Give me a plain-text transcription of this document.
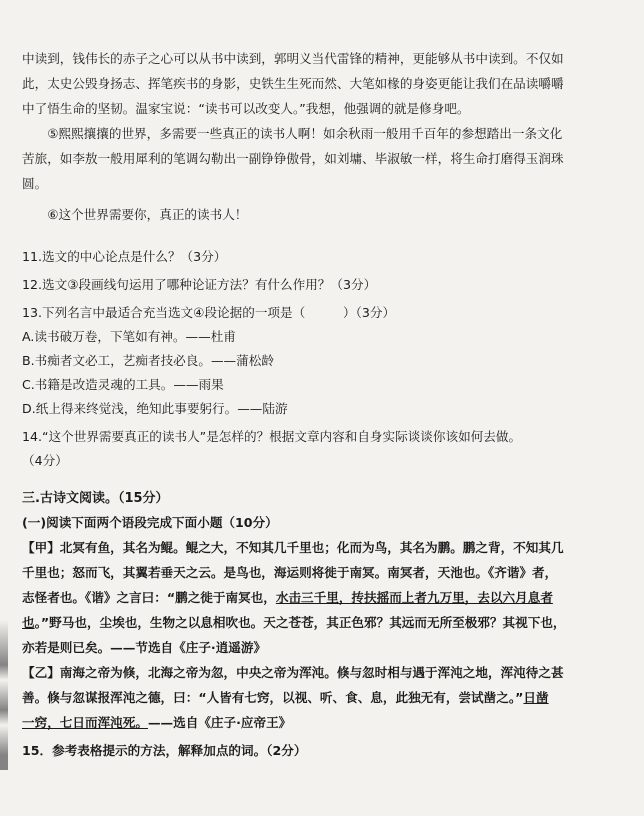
中读到，钱伟长的赤子之心可以从书中读到，郭明义当代雷锋的精神，更能够从书中读到。不仅如
此，太史公毁身扬志、挥笔疾书的身影，史铁生生死而然、大笔如椽的身姿更能让我们在品读嚼嚼
中了悟生命的坚韧。温家宝说：“读书可以改变人。”我想，他强调的就是修身吧。
⑤熙熙攘攘的世界，多需要一些真正的读书人啊！如余秋雨一般用千百年的参想踏出一条文化
苦旅，如李敖一般用犀利的笔调勾勒出一副铮铮傲骨，如刘墉、毕淑敏一样，将生命打磨得玉润珠
圆。
⑥这个世界需要你，真正的读书人！
11.选文的中心论点是什么？（3分）
12.选文③段画线句运用了哪种论证方法？有什么作用？（3分）
13.下列名言中最适合充当选文④段论据的一项是（　　　）（3分）
A.读书破万卷，下笔如有神。——杜甫
B.书痴者文必工，艺痴者技必良。——蒲松龄
C.书籍是改造灵魂的工具。——雨果
D.纸上得来终觉浅，绝知此事要躬行。——陆游
14.“这个世界需要真正的读书人”是怎样的？根据文章内容和自身实际谈谈你该如何去做。
（4分）
三.古诗文阅读。（15分）
(一)阅读下面两个语段完成下面小题（10分）
【甲】北冥有鱼，其名为鲲。鲲之大，不知其几千里也；化而为鸟，其名为鹏。鹏之背，不知其几
千里也；怒而飞，其翼若垂天之云。是鸟也，海运则将徙于南冥。南冥者，天池也。《齐谐》者，
志怪者也。《谐》之言曰：“鹏之徙于南冥也，水击三千里，抟扶摇而上者九万里，去以六月息者
也。”野马也，尘埃也，生物之以息相吹也。天之苍苍，其正色邪？其远而无所至极邪？其视下也，
亦若是则已矣。——节选自《庄子·逍遥游》
【乙】南海之帝为倏，北海之帝为忽，中央之帝为浑沌。倏与忽时相与遇于浑沌之地，浑沌待之甚
善。倏与忽谋报浑沌之德，曰：“人皆有七窍，以视、听、食、息，此独无有，尝试凿之。”日凿
一窍，七日而浑沌死。——选自《庄子·应帝王》
15．参考表格提示的方法，解释加点的词。（2分）
